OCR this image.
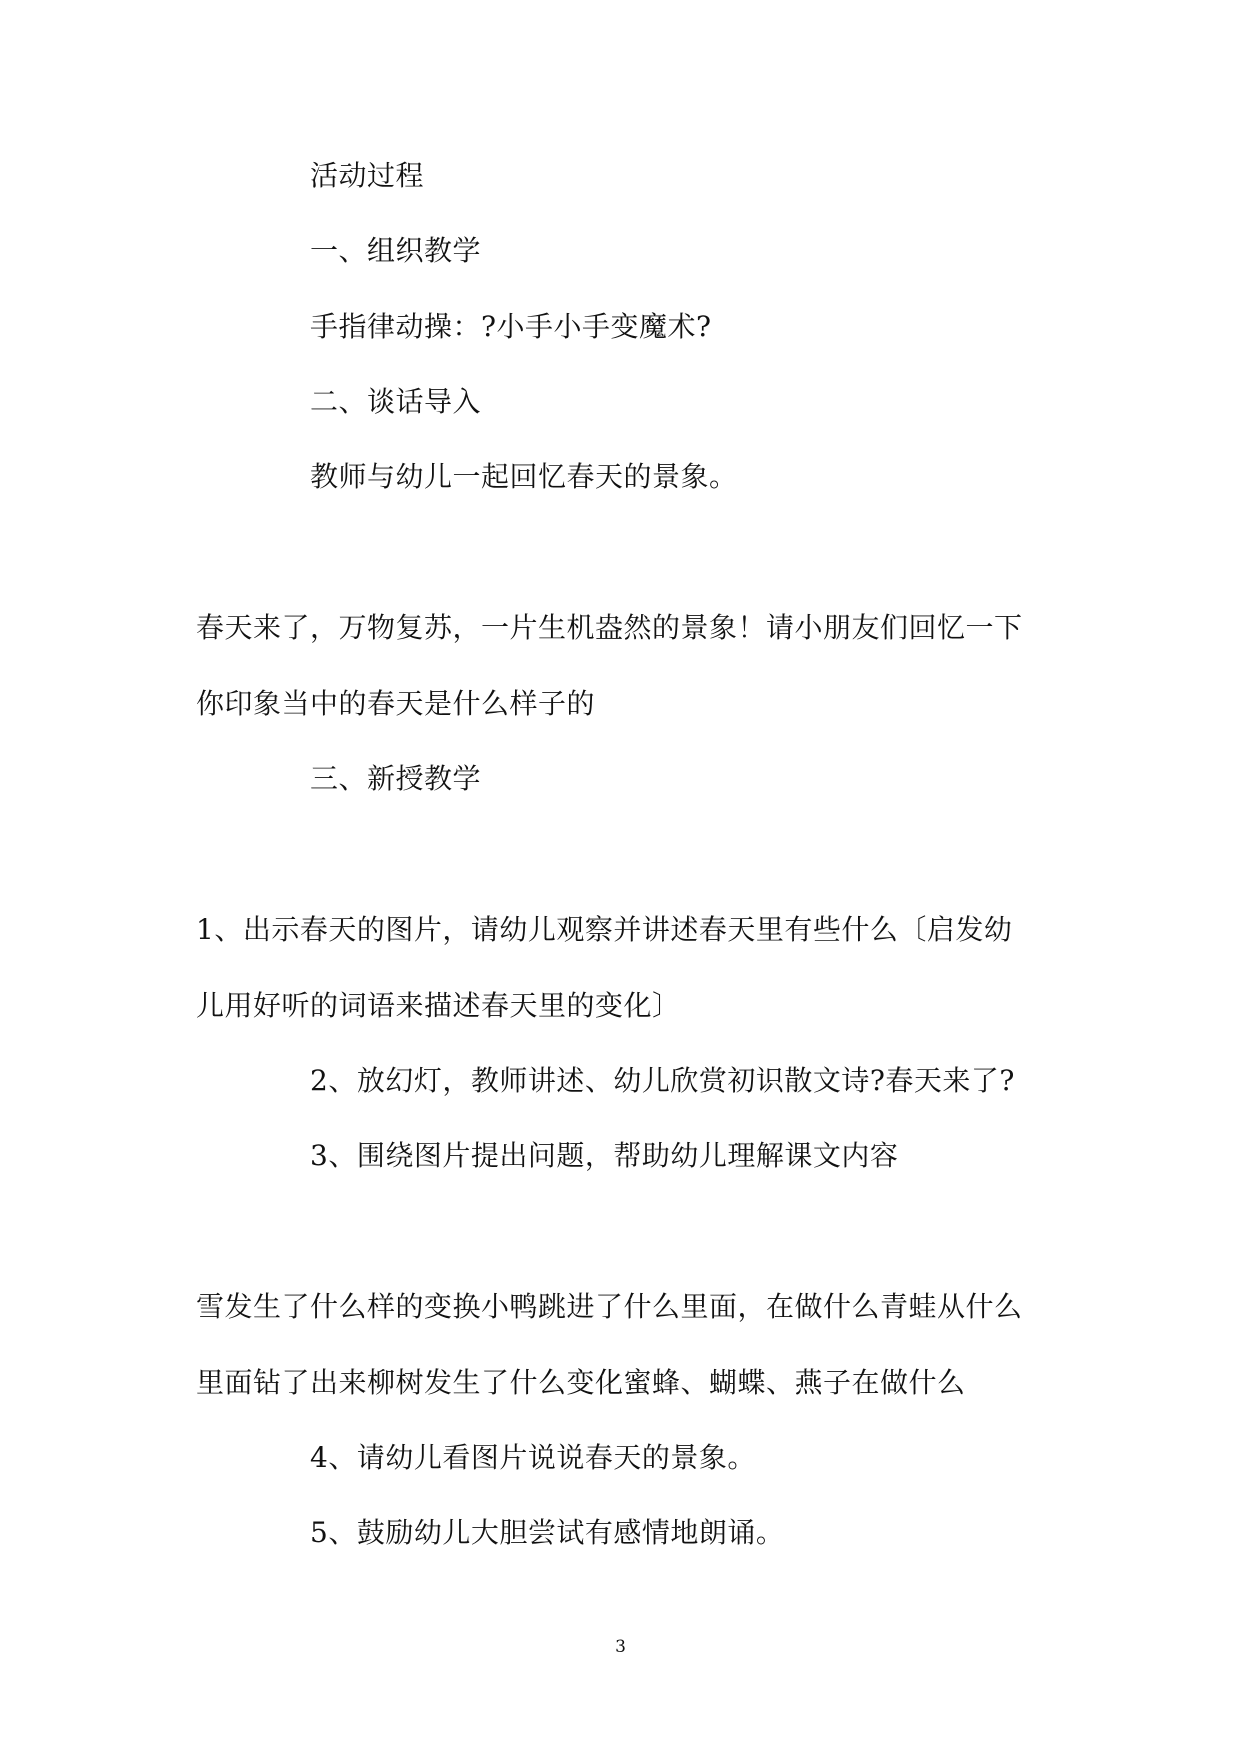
活动过程
一、组织教学
手指律动操：?小手小手变魔术?
二、谈话导入
教师与幼儿一起回忆春天的景象。
春天来了，万物复苏，一片生机盎然的景象！请小朋友们回忆一下
你印象当中的春天是什么样子的
三、新授教学
1、出示春天的图片，请幼儿观察并讲述春天里有些什么〔启发幼
儿用好听的词语来描述春天里的变化〕
2、放幻灯，教师讲述、幼儿欣赏初识散文诗?春天来了?
3、围绕图片提出问题，帮助幼儿理解课文内容
雪发生了什么样的变换小鸭跳进了什么里面，在做什么青蛙从什么
里面钻了出来柳树发生了什么变化蜜蜂、蝴蝶、燕子在做什么
4、请幼儿看图片说说春天的景象。
5、鼓励幼儿大胆尝试有感情地朗诵。
3
